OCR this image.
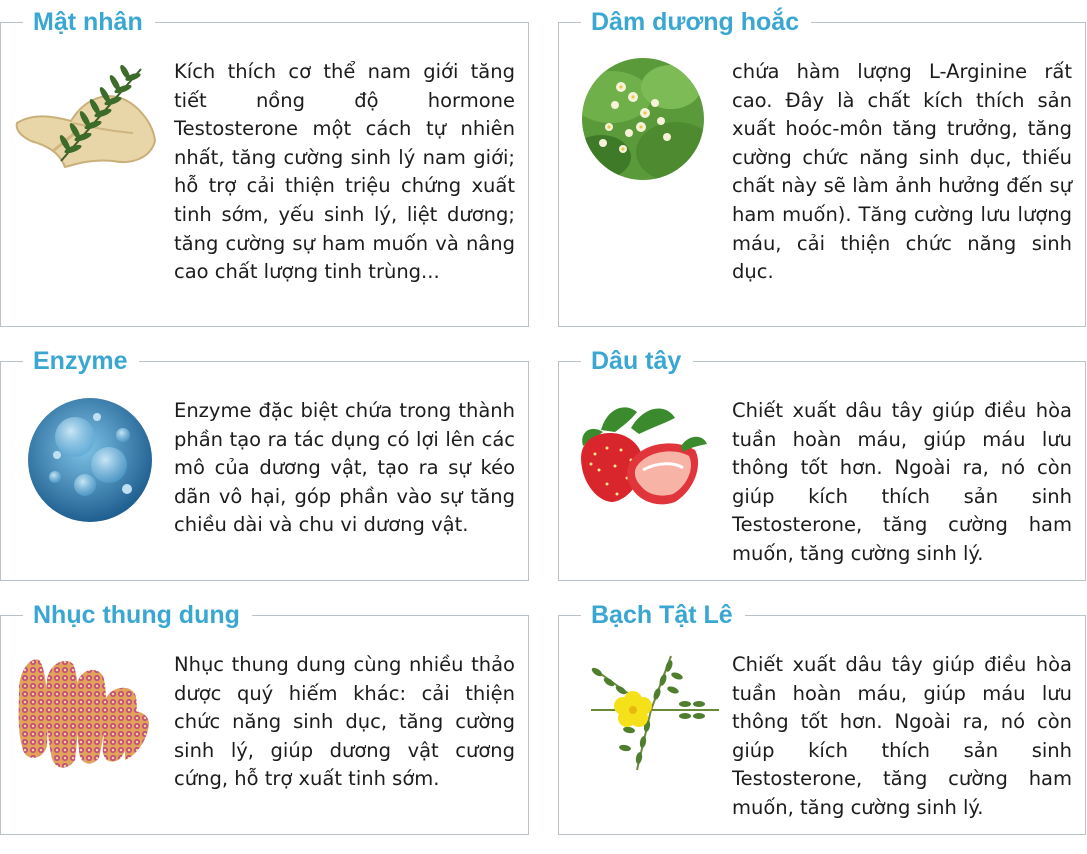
Mật nhân

Kích thích cơ thể nam giới tăng tiết nồng độ hormone Testosterone một cách tự nhiên nhất, tăng cường sinh lý nam giới; hỗ trợ cải thiện triệu chứng xuất tinh sớm, yếu sinh lý, liệt dương; tăng cường sự ham muốn và nâng cao chất lượng tinh trùng...

Dâm dương hoắc

chứa hàm lượng L-Arginine rất cao. Đây là chất kích thích sản xuất hoóc-môn tăng trưởng, tăng cường chức năng sinh dục, thiếu chất này sẽ làm ảnh hưởng đến sự ham muốn). Tăng cường lưu lượng máu, cải thiện chức năng sinh dục.

Enzyme

Enzyme đặc biệt chứa trong thành phần tạo ra tác dụng có lợi lên các mô của dương vật, tạo ra sự kéo dãn vô hại, góp phần vào sự tăng chiều dài và chu vi dương vật.

Dâu tây

Chiết xuất dâu tây giúp điều hòa tuần hoàn máu, giúp máu lưu thông tốt hơn. Ngoài ra, nó còn giúp kích thích sản sinh Testosterone, tăng cường ham muốn, tăng cường sinh lý.

Nhục thung dung

Nhục thung dung cùng nhiều thảo dược quý hiếm khác: cải thiện chức năng sinh dục, tăng cường sinh lý, giúp dương vật cương cứng, hỗ trợ xuất tinh sớm.

Bạch Tật Lê

Chiết xuất dâu tây giúp điều hòa tuần hoàn máu, giúp máu lưu thông tốt hơn. Ngoài ra, nó còn giúp kích thích sản sinh Testosterone, tăng cường ham muốn, tăng cường sinh lý.
